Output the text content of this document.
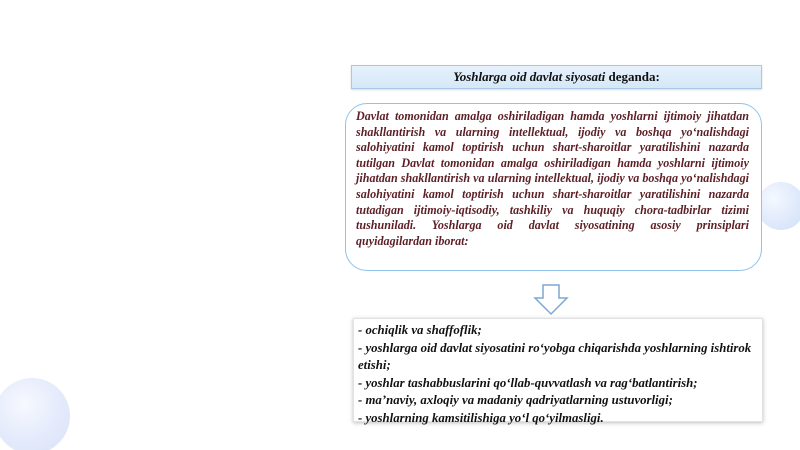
Yoshlarga oid davlat siyosati deganda:

Davlat tomonidan amalga oshiriladigan hamda yoshlarni ijtimoiy jihatdan shakllantirish va ularning intellektual, ijodiy va boshqa yo‘nalishdagi salohiyatini kamol toptirish uchun shart-sharoitlar yaratilishini nazarda tutilgan Davlat tomonidan amalga oshiriladigan hamda yoshlarni ijtimoiy jihatdan shakllantirish va ularning intellektual, ijodiy va boshqa yo‘nalishdagi salohiyatini kamol toptirish uchun shart-sharoitlar yaratilishini nazarda tutadigan ijtimoiy-iqtisodiy, tashkiliy va huquqiy chora-tadbirlar tizimi tushuniladi. Yoshlarga oid davlat siyosatining asosiy prinsiplari quyidagilardan iborat:

- ochiqlik va shaffoflik;
- yoshlarga oid davlat siyosatini ro‘yobga chiqarishda yoshlarning ishtirok etishi;
- yoshlar tashabbuslarini qo‘llab-quvvatlash va rag‘batlantirish;
- ma’naviy, axloqiy va madaniy qadriyatlarning ustuvorligi;
- yoshlarning kamsitilishiga yo‘l qo‘yilmasligi.
